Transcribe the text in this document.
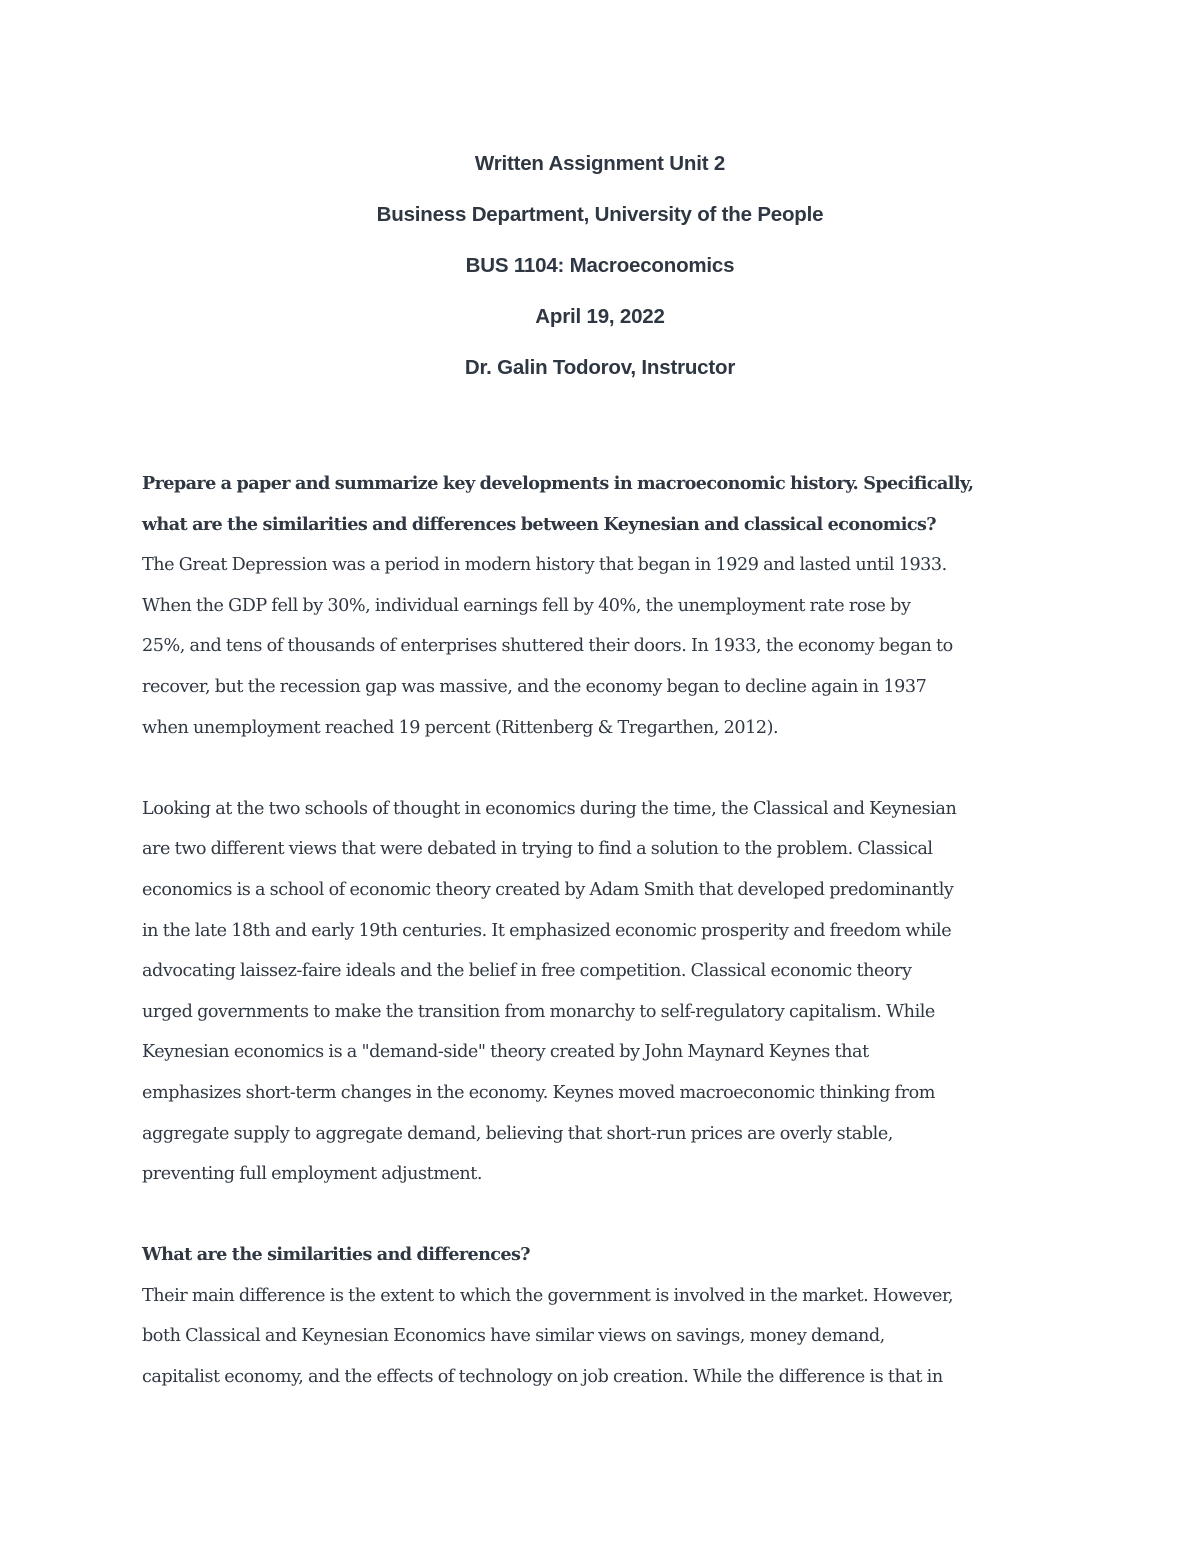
Written Assignment Unit 2
Business Department, University of the People
BUS 1104: Macroeconomics
April 19, 2022
Dr. Galin Todorov, Instructor
Prepare a paper and summarize key developments in macroeconomic history. Specifically,
what are the similarities and differences between Keynesian and classical economics?
The Great Depression was a period in modern history that began in 1929 and lasted until 1933.
When the GDP fell by 30%, individual earnings fell by 40%, the unemployment rate rose by
25%, and tens of thousands of enterprises shuttered their doors. In 1933, the economy began to
recover, but the recession gap was massive, and the economy began to decline again in 1937
when unemployment reached 19 percent (Rittenberg & Tregarthen, 2012).
Looking at the two schools of thought in economics during the time, the Classical and Keynesian
are two different views that were debated in trying to find a solution to the problem. Classical
economics is a school of economic theory created by Adam Smith that developed predominantly
in the late 18th and early 19th centuries. It emphasized economic prosperity and freedom while
advocating laissez-faire ideals and the belief in free competition. Classical economic theory
urged governments to make the transition from monarchy to self-regulatory capitalism. While
Keynesian economics is a "demand-side" theory created by John Maynard Keynes that
emphasizes short-term changes in the economy. Keynes moved macroeconomic thinking from
aggregate supply to aggregate demand, believing that short-run prices are overly stable,
preventing full employment adjustment.
What are the similarities and differences?
Their main difference is the extent to which the government is involved in the market. However,
both Classical and Keynesian Economics have similar views on savings, money demand,
capitalist economy, and the effects of technology on job creation. While the difference is that in
